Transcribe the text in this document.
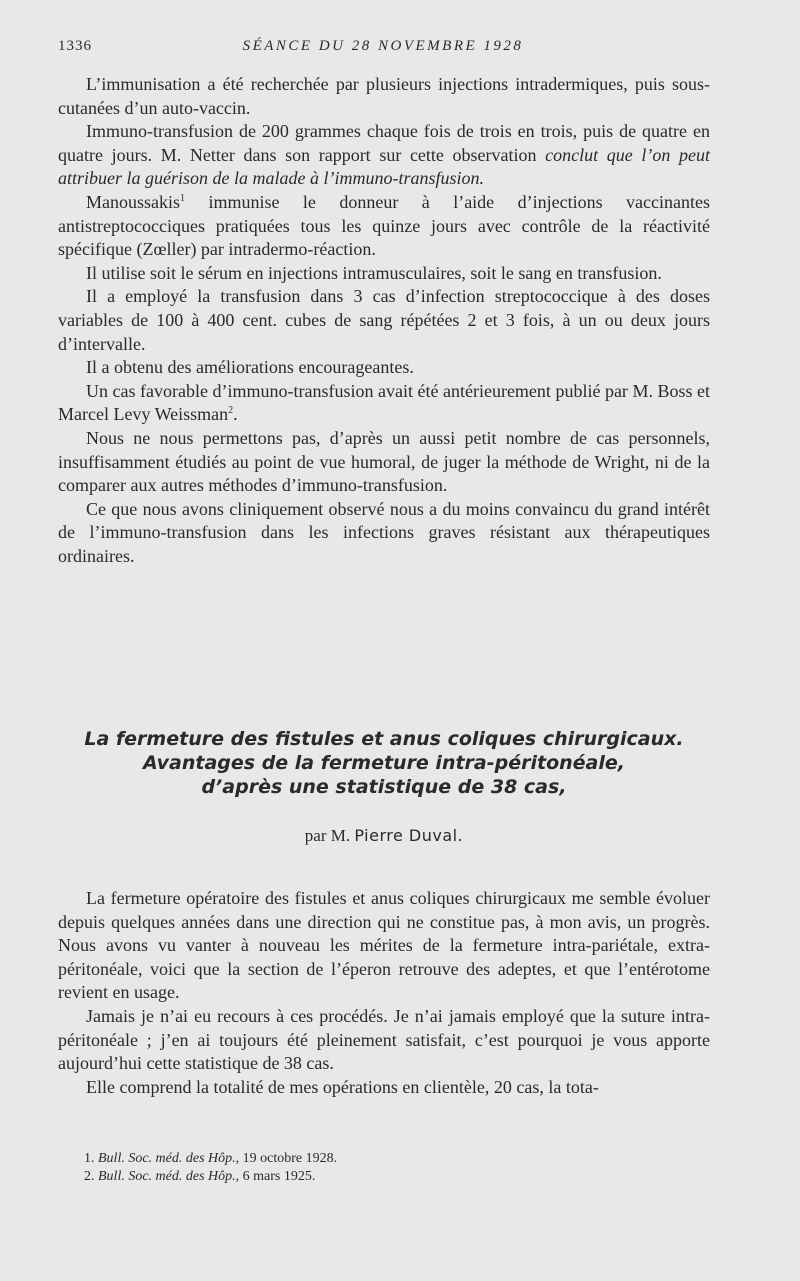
1336	SÉANCE DU 28 NOVEMBRE 1928

L’immunisation a été recherchée par plusieurs injections intradermiques, puis sous-cutanées d’un auto-vaccin.

Immuno-transfusion de 200 grammes chaque fois de trois en trois, puis de quatre en quatre jours. M. Netter dans son rapport sur cette observation conclut que l’on peut attribuer la guérison de la malade à l’immuno-transfusion.

Manoussakis$^1$ immunise le donneur à l’aide d’injections vaccinantes antistreptococciques pratiquées tous les quinze jours avec contrôle de la réactivité spécifique (Zœller) par intradermo-réaction.

Il utilise soit le sérum en injections intramusculaires, soit le sang en transfusion.

Il a employé la transfusion dans 3 cas d’infection streptococcique à des doses variables de 100 à 400 cent. cubes de sang répétées 2 et 3 fois, à un ou deux jours d’intervalle.

Il a obtenu des améliorations encourageantes.

Un cas favorable d’immuno-transfusion avait été antérieurement publié par M. Boss et Marcel Levy Weissman$^2$.

Nous ne nous permettons pas, d’après un aussi petit nombre de cas personnels, insuffisamment étudiés au point de vue humoral, de juger la méthode de Wright, ni de la comparer aux autres méthodes d’immuno-transfusion.

Ce que nous avons cliniquement observé nous a du moins convaincu du grand intérêt de l’immuno-transfusion dans les infections graves résistant aux thérapeutiques ordinaires.

La fermeture des fistules et anus coliques chirurgicaux.
Avantages de la fermeture intra-péritonéale,
d’après une statistique de 38 cas,
par M. Pierre Duval.

La fermeture opératoire des fistules et anus coliques chirurgicaux me semble évoluer depuis quelques années dans une direction qui ne constitue pas, à mon avis, un progrès. Nous avons vu vanter à nouveau les mérites de la fermeture intra-pariétale, extra-péritonéale, voici que la section de l’éperon retrouve des adeptes, et que l’entérotome revient en usage.

Jamais je n’ai eu recours à ces procédés. Je n’ai jamais employé que la suture intra-péritonéale ; j’en ai toujours été pleinement satisfait, c’est pourquoi je vous apporte aujourd’hui cette statistique de 38 cas.

Elle comprend la totalité de mes opérations en clientèle, 20 cas, la tota-

1. Bull. Soc. méd. des Hôp., 19 octobre 1928.
2. Bull. Soc. méd. des Hôp., 6 mars 1925.
